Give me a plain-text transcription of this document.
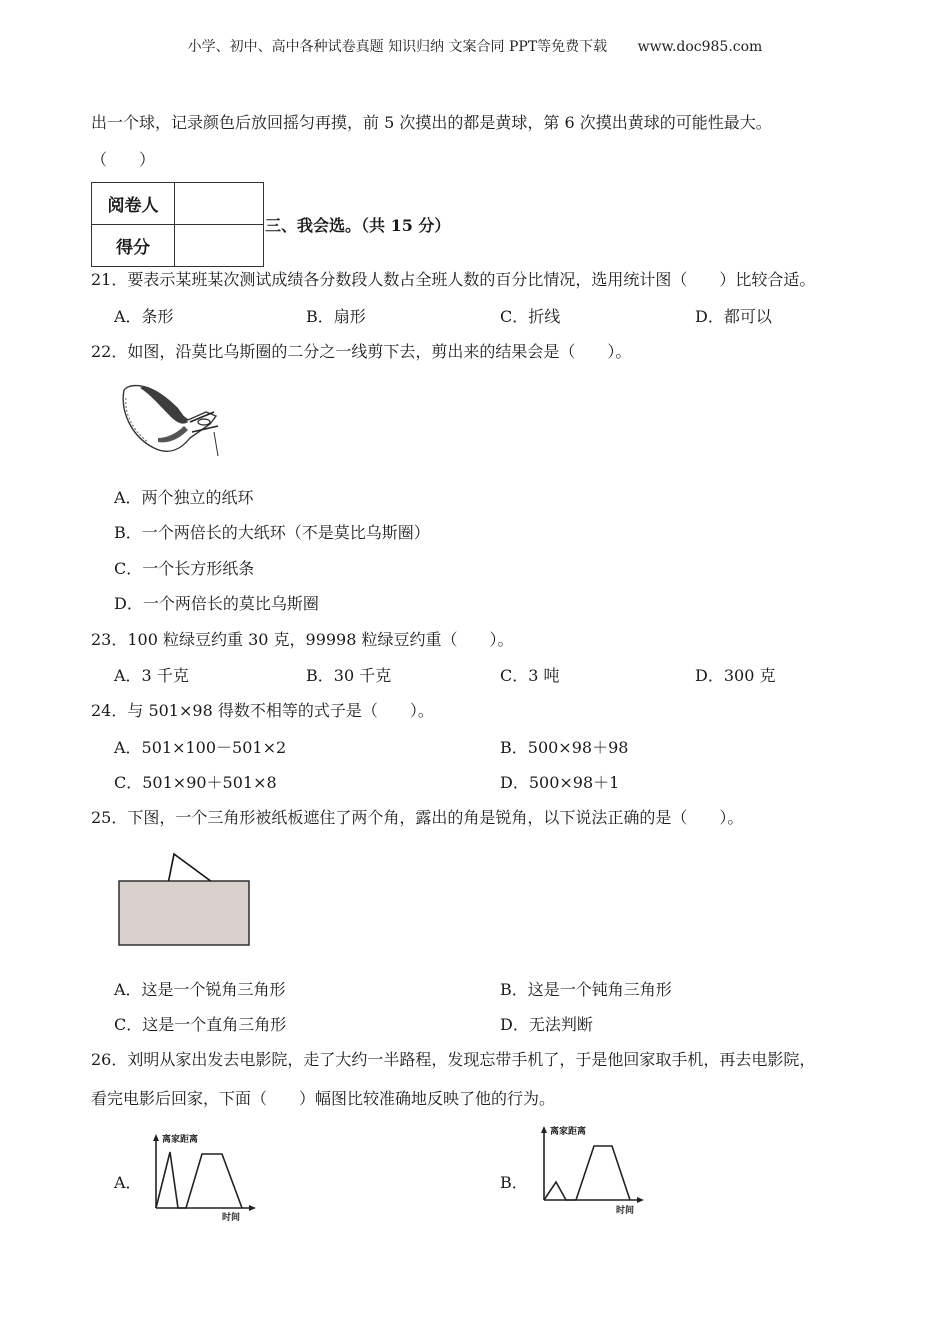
小学、初中、高中各种试卷真题 知识归纳 文案合同 PPT等免费下载 www.doc985.com
出一个球，记录颜色后放回摇匀再摸，前 5 次摸出的都是黄球，第 6 次摸出黄球的可能性最大。
（　　）
阅卷人	
得分	
三、我会选。（共 15 分）
21．要表示某班某次测试成绩各分数段人数占全班人数的百分比情况，选用统计图（　　）比较合适。
A．条形	B．扇形	C．折线	D．都可以
22．如图，沿莫比乌斯圈的二分之一线剪下去，剪出来的结果会是（　　）。
A．两个独立的纸环
B．一个两倍长的大纸环（不是莫比乌斯圈）
C．一个长方形纸条
D．一个两倍长的莫比乌斯圈
23．100 粒绿豆约重 30 克，99998 粒绿豆约重（　　）。
A．3 千克	B．30 千克	C．3 吨	D．300 克
24．与 501×98 得数不相等的式子是（　　）。
A．501×100－501×2	B．500×98＋98
C．501×90＋501×8	D．500×98＋1
25．下图，一个三角形被纸板遮住了两个角，露出的角是锐角，以下说法正确的是（　　）。
A．这是一个锐角三角形	B．这是一个钝角三角形
C．这是一个直角三角形	D．无法判断
26．刘明从家出发去电影院，走了大约一半路程，发现忘带手机了，于是他回家取手机，再去电影院，
看完电影后回家，下面（　　）幅图比较准确地反映了他的行为。
A．
离家距离
时间
B．
离家距离
时间
